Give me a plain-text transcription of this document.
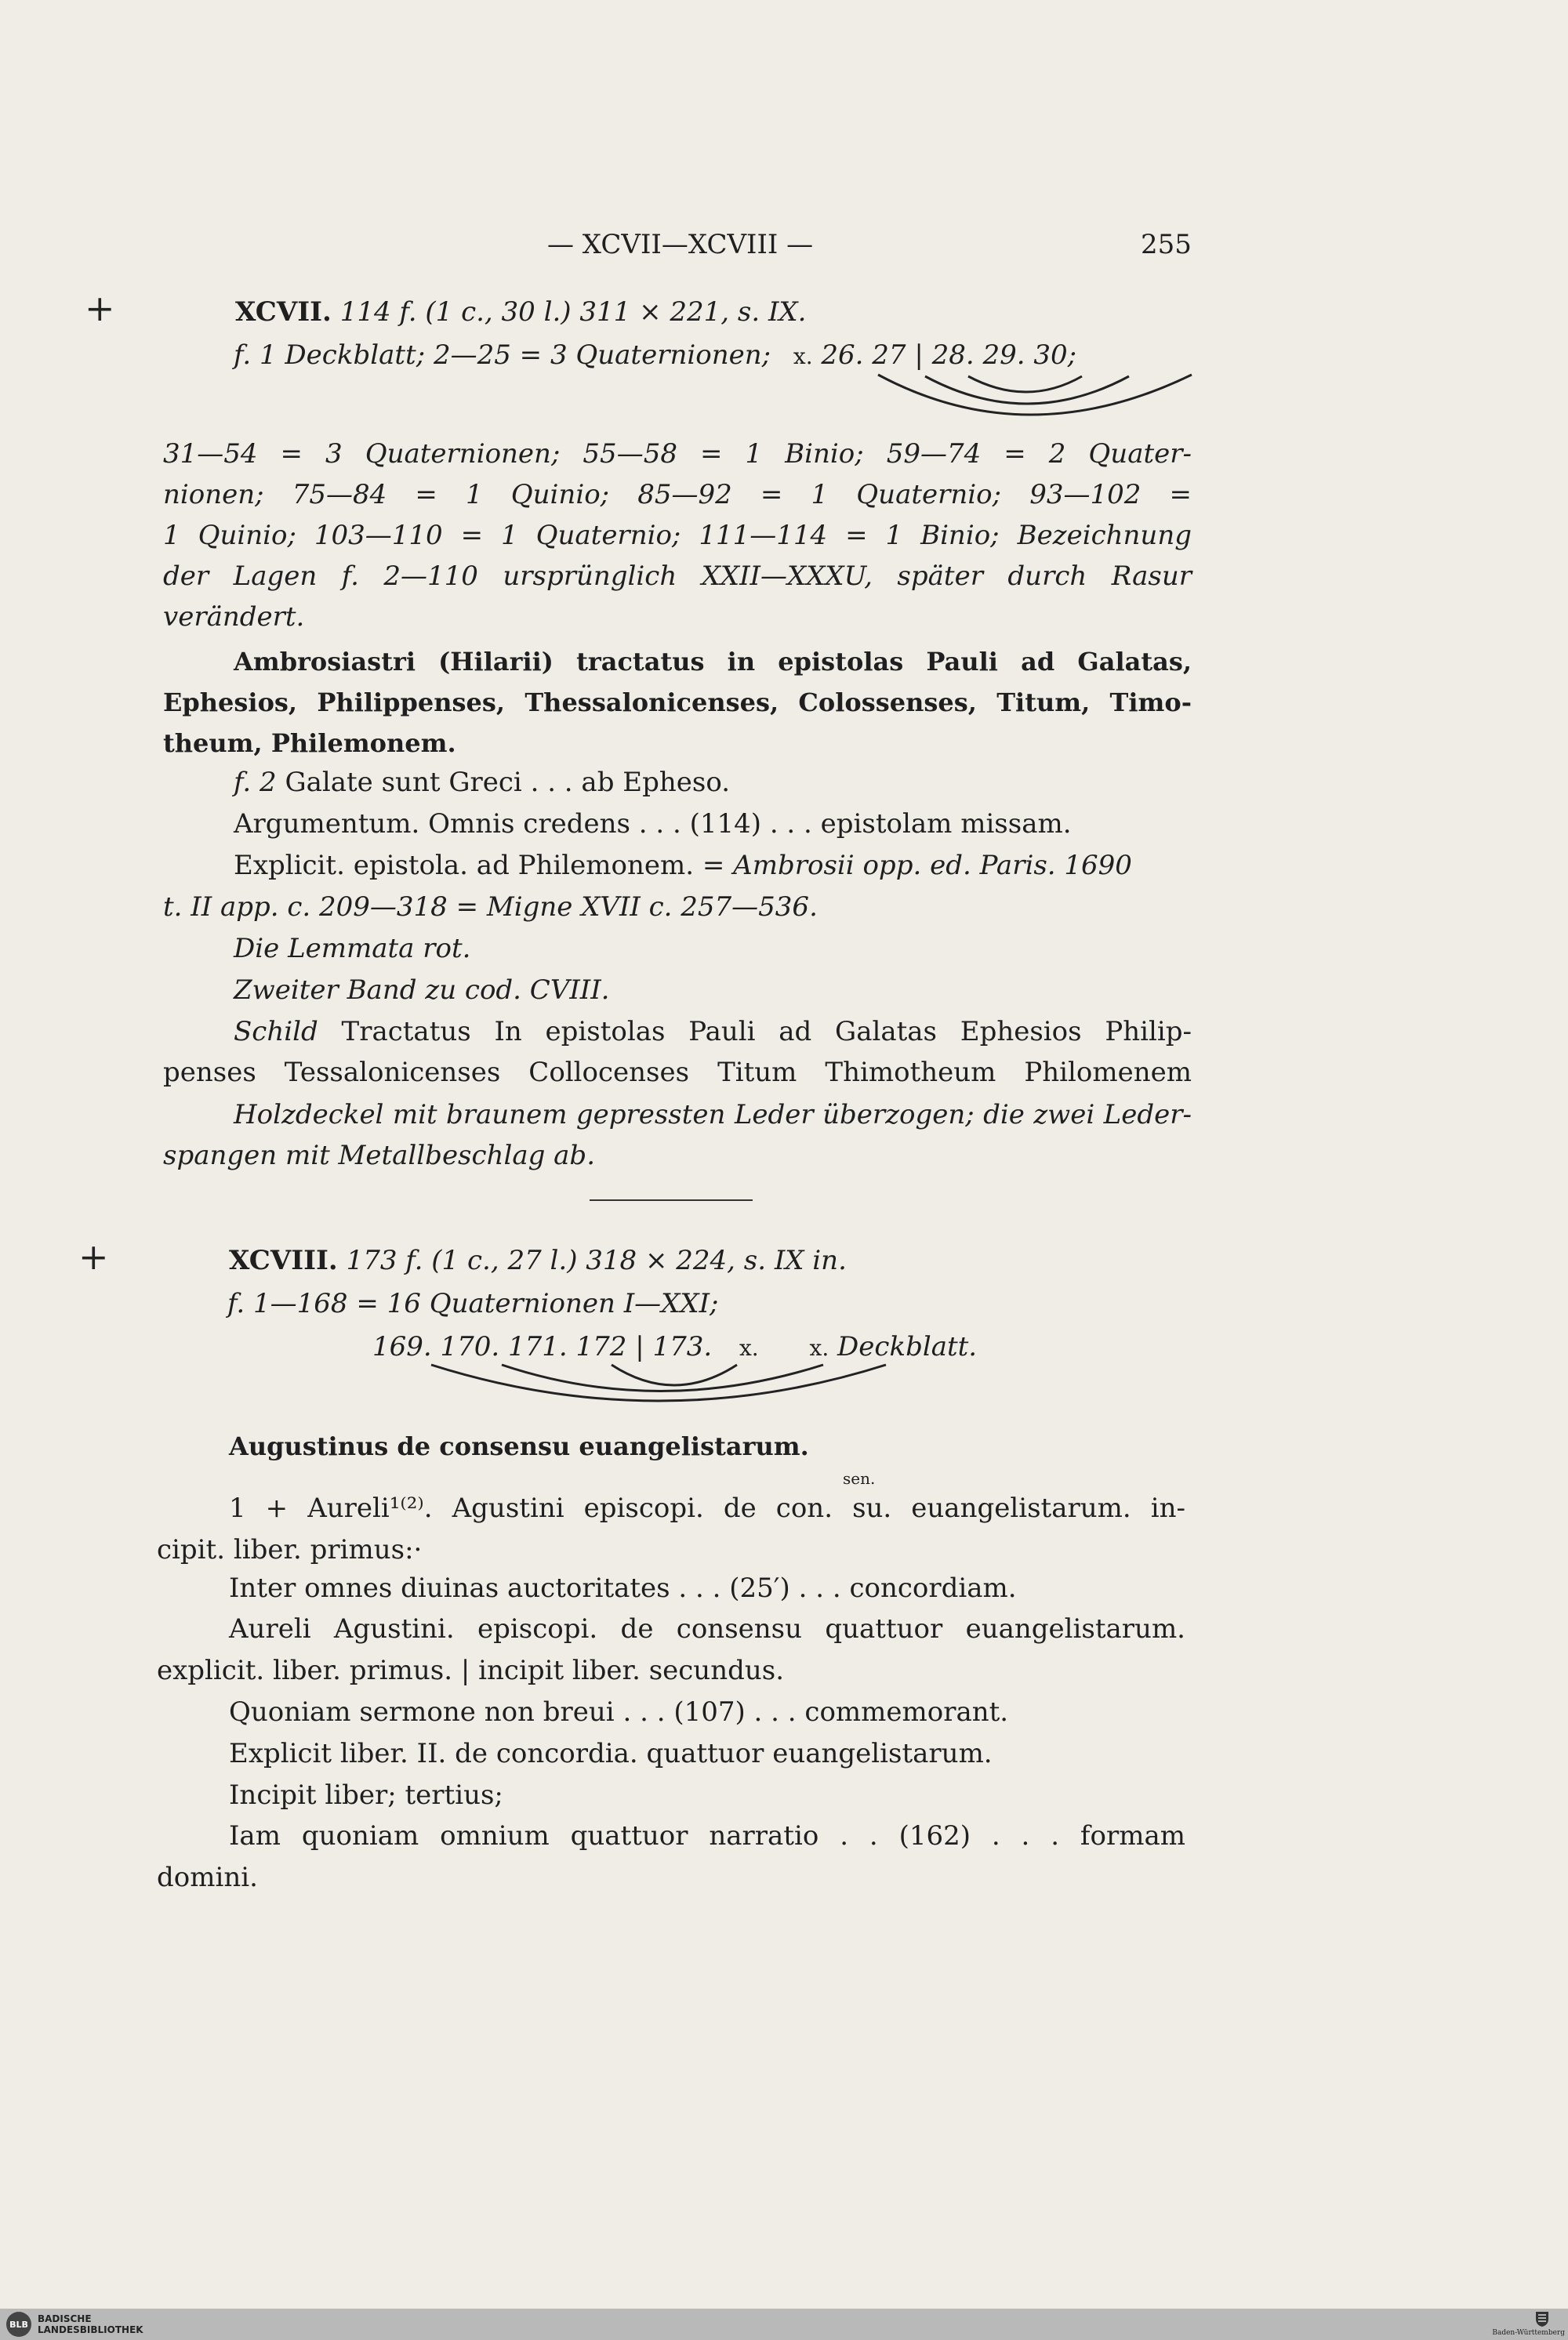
— XCVII—XCVIII —	255
+
+
XCVII. 114 f. (1 c., 30 l.) 311 ⨯ 221, s. IX.
f. 1 Deckblatt; 2—25 = 3 Quaternionen; x. 26. 27 | 28. 29. 30;
31—54 = 3 Quaternionen; 55—58 = 1 Binio; 59—74 = 2 Quater-
nionen; 75—84 = 1 Quinio; 85—92 = 1 Quaternio; 93—102 =
1 Quinio; 103—110 = 1 Quaternio; 111—114 = 1 Binio; Bezeichnung
der Lagen f. 2—110 ursprünglich XXII—XXXU, später durch Rasur
verändert.
Ambrosiastri (Hilarii) tractatus in epistolas Pauli ad Galatas,
Ephesios, Philippenses, Thessalonicenses, Colossenses, Titum, Timo-
theum, Philemonem.
f. 2 Galate sunt Greci . . . ab Epheso.
Argumentum. Omnis credens . . . (114) . . . epistolam missam.
Explicit. epistola. ad Philemonem. = Ambrosii opp. ed. Paris. 1690
t. II app. c. 209—318 = Migne XVII c. 257—536.
Die Lemmata rot.
Zweiter Band zu cod. CVIII.
Schild Tractatus In epistolas Pauli ad Galatas Ephesios Philip-
penses Tessalonicenses Collocenses Titum Thimotheum Philomenem
Holzdeckel mit braunem gepressten Leder überzogen; die zwei Leder-
spangen mit Metallbeschlag ab.
XCVIII. 173 f. (1 c., 27 l.) 318 ⨯ 224, s. IX in.
f. 1—168 = 16 Quaternionen I—XXI;
169. 170. 171. 172 | 173. x. x. Deckblatt.
Augustinus de consensu euangelistarum.
sen.
1 + Aureli¹⁽²⁾. Agustini episcopi. de con. su. euangelistarum. in-
cipit. liber. primus:·
Inter omnes diuinas auctoritates . . . (25′) . . . concordiam.
Aureli Agustini. episcopi. de consensu quattuor euangelistarum.
explicit. liber. primus. | incipit liber. secundus.
Quoniam sermone non breui . . . (107) . . . commemorant.
Explicit liber. II. de concordia. quattuor euangelistarum.
Incipit liber; tertius;
Iam quoniam omnium quattuor narratio . . (162) . . . formam
domini.
BLB	BADISCHE
LANDESBIBLIOTHEK	Baden-Württemberg
